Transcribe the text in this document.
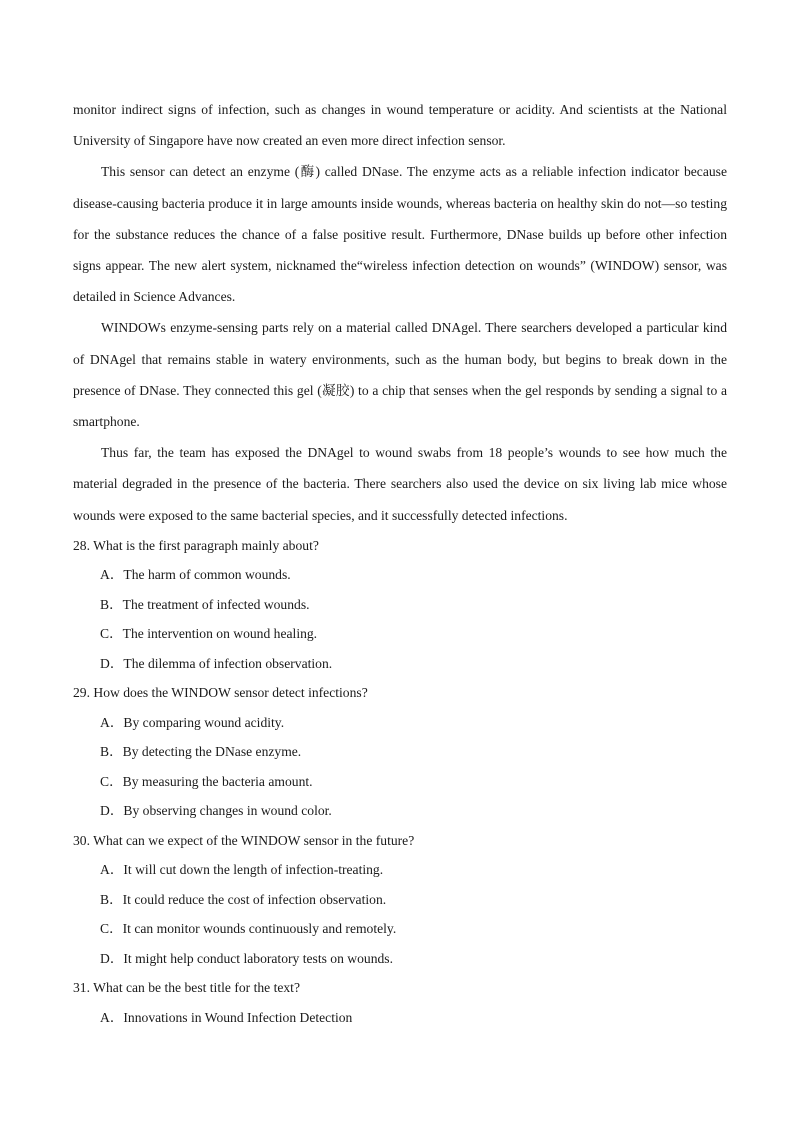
monitor indirect signs of infection, such as changes in wound temperature or acidity. And scientists at the National University of Singapore have now created an even more direct infection sensor.

This sensor can detect an enzyme (酶) called DNase. The enzyme acts as a reliable infection indicator because disease-causing bacteria produce it in large amounts inside wounds, whereas bacteria on healthy skin do not—so testing for the substance reduces the chance of a false positive result. Furthermore, DNase builds up before other infection signs appear. The new alert system, nicknamed the“wireless infection detection on wounds” (WINDOW) sensor, was detailed in Science Advances.

WINDOWs enzyme-sensing parts rely on a material called DNAgel. There searchers developed a particular kind of DNAgel that remains stable in watery environments, such as the human body, but begins to break down in the presence of DNase. They connected this gel (凝胶) to a chip that senses when the gel responds by sending a signal to a smartphone.

Thus far, the team has exposed the DNAgel to wound swabs from 18 people’s wounds to see how much the material degraded in the presence of the bacteria. There searchers also used the device on six living lab mice whose wounds were exposed to the same bacterial species, and it successfully detected infections.

28. What is the first paragraph mainly about?

A．The harm of common wounds.

B．The treatment of infected wounds.

C．The intervention on wound healing.

D．The dilemma of infection observation.

29. How does the WINDOW sensor detect infections?

A．By comparing wound acidity.

B．By detecting the DNase enzyme.

C．By measuring the bacteria amount.

D．By observing changes in wound color.

30. What can we expect of the WINDOW sensor in the future?

A．It will cut down the length of infection-treating.

B．It could reduce the cost of infection observation.

C．It can monitor wounds continuously and remotely.

D．It might help conduct laboratory tests on wounds.

31. What can be the best title for the text?

A．Innovations in Wound Infection Detection
